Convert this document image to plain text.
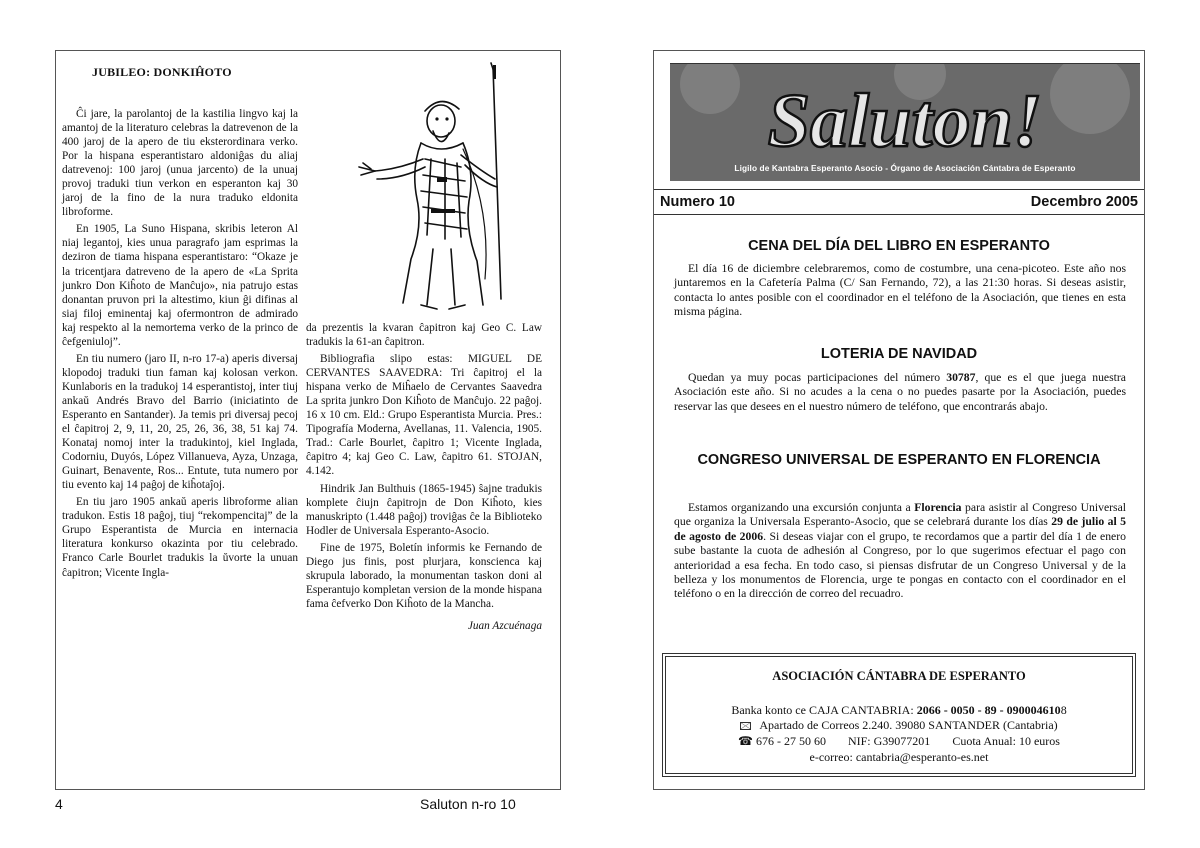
JUBILEO: DONKIĤOTO

Ĉi jare, la parolantoj de la kastilia lingvo kaj la amantoj de la literaturo celebras la datrevenon de la 400 jaroj de la apero de tiu eksterordinara verko. Por la hispana esperantistaro aldoniĝas du aliaj datrevenoj: 100 jaroj (unua jarcento) de la unuaj provoj traduki tiun verkon en esperanton kaj 30 jaroj de la fino de la nura traduko eldonita libroforme.

En 1905, La Suno Hispana, skribis leteron Al niaj legantoj, kies unua paragrafo jam esprimas la deziron de tiama hispana esperantistaro: “Okaze je la tricentjara datreveno de la apero de «La Sprita junkro Don Kiĥoto de Manĉujo», nia patrujo estas donantan pruvon pri la altestimo, kiun ĝi difinas al siaj filoj eminentaj kaj ofermontron de admirado kaj respekto al la nemortema verko de la princo de ĉefgeniuloj”.

En tiu numero (jaro II, n-ro 17-a) aperis diversaj klopodoj traduki tiun faman kaj kolosan verkon. Kunlaboris en la tradukoj 14 esperantistoj, inter tiuj ankaŭ Andrés Bravo del Barrio (iniciatinto de Esperanto en Santander). Ja temis pri diversaj pecoj el ĉapitroj 2, 9, 11, 20, 25, 26, 36, 38, 51 kaj 74. Konataj nomoj inter la tradukintoj, kiel Inglada, Codorniu, Duyós, López Villanueva, Ayza, Unzaga, Guinart, Benavente, Ros... Entute, tuta numero por tiu evento kaj 14 paĝoj de kiĥotaĵoj.

En tiu jaro 1905 ankaŭ aperis libroforme alian tradukon. Estis 18 paĝoj, tiuj “rekompencitaj” de la Grupo Esperantista de Murcia en internacia literatura konkurso okazinta por tiu celebrado. Franco Carle Bourlet tradukis la ŭvorte la unuan ĉapitron; Vicente Ingla-

da prezentis la kvaran ĉapitron kaj Geo C. Law tradukis la 61-an ĉapitron.

Bibliografia slipo estas: MIGUEL DE CERVANTES SAAVEDRA: Tri ĉapitroj el la hispana verko de Miĥaelo de Cervantes Saavedra La sprita junkro Don Kiĥoto de Manĉujo. 22 paĝoj. 16 x 10 cm. Eld.: Grupo Esperantista Murcia. Pres.: Tipografía Moderna, Avellanas, 11. Valencia, 1905. Trad.: Carle Bourlet, ĉapitro 1; Vicente Inglada, ĉapitro 4; kaj Geo C. Law, ĉapitro 61. STOJAN, 4.142.

Hindrik Jan Bulthuis (1865-1945) ŝajne tradukis komplete ĉiujn ĉapitrojn de Don Kiĥoto, kies manuskripto (1.448 paĝoj) troviĝas ĉe la Biblioteko Hodler de Universala Esperanto-Asocio.

Fine de 1975, Boletín informis ke Fernando de Diego jus finis, post plurjara, konscienca kaj skrupula laborado, la monumentan taskon doni al Esperantujo kompletan version de la monde hispana fama ĉefverko Don Kiĥoto de la Mancha.

Juan Azcuénaga
4	Saluton n-ro 10
Saluton!
Ligilo de Kantabra Esperanto Asocio - Órgano de Asociación Cántabra de Esperanto
Numero 10	Decembro 2005
CENA DEL DÍA DEL LIBRO EN ESPERANTO
El día 16 de diciembre celebraremos, como de costumbre, una cena-picoteo. Este año nos juntaremos en la Cafetería Palma (C/ San Fernando, 72), a las 21:30 horas. Si deseas asistir, contacta lo antes posible con el coordinador en el teléfono de la Asociación, que tienes en esta misma página.
LOTERIA DE NAVIDAD
Quedan ya muy pocas participaciones del número 30787, que es el que juega nuestra Asociación este año. Si no acudes a la cena o no puedes pasarte por la Asociación, puedes reservar las que desees en el nuestro número de teléfono, que encontrarás abajo.
CONGRESO UNIVERSAL DE ESPERANTO EN FLORENCIA
Estamos organizando una excursión conjunta a Florencia para asistir al Congreso Universal que organiza la Universala Esperanto-Asocio, que se celebrará durante los días 29 de julio al 5 de agosto de 2006. Si deseas viajar con el grupo, te recordamos que a partir del día 1 de enero sube bastante la cuota de adhesión al Congreso, por lo que sugerimos efectuar el pago con anterioridad a esa fecha. En todo caso, si piensas disfrutar de un Congreso Universal y de la belleza y los monumentos de Florencia, urge te pongas en contacto con el coordinador en el teléfono o en la dirección de correo del recuadro.
ASOCIACIÓN CÁNTABRA DE ESPERANTO
Banka konto ce CAJA CANTABRIA: 2066 - 0050 - 89 - 0900046108
Apartado de Correos 2.240. 39080 SANTANDER (Cantabria)
☎ 676 - 27 50 60 NIF: G39077201 Cuota Anual: 10 euros
e-correo: cantabria@esperanto-es.net
